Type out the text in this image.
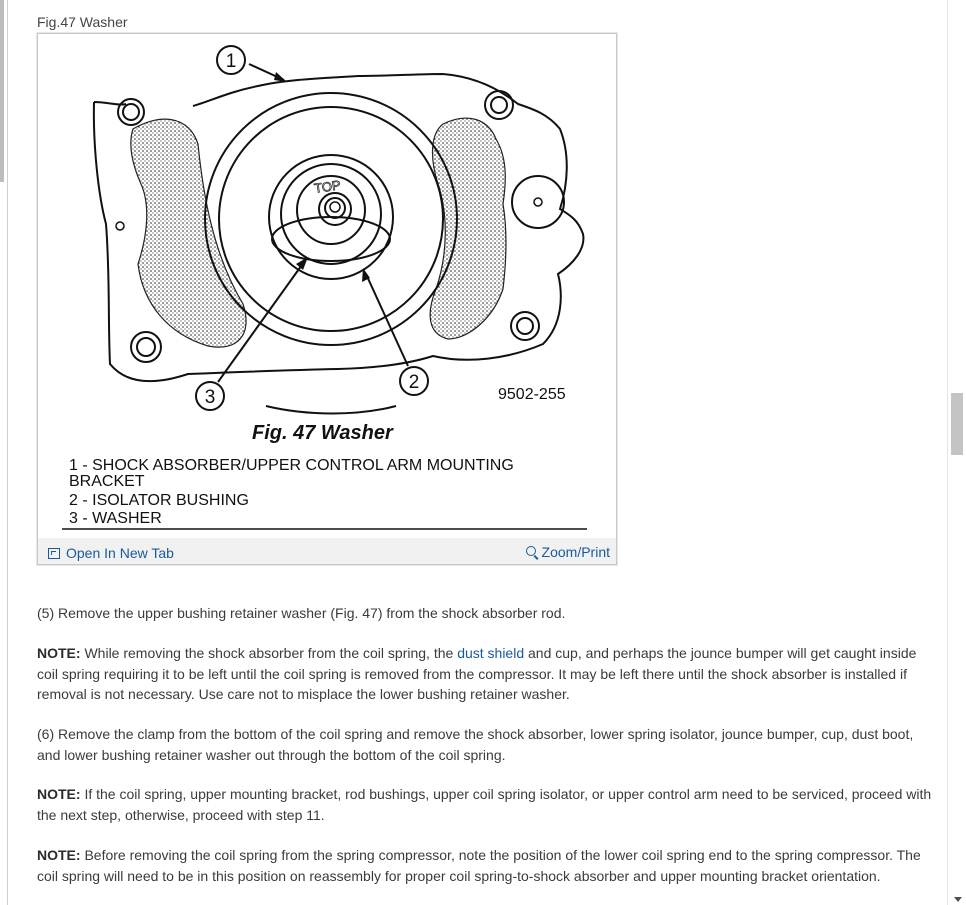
Fig.47 Washer
TOP
1
2
3	9502-255
Fig. 47 Washer
1 - SHOCK ABSORBER/UPPER CONTROL ARM MOUNTING
BRACKET
2 - ISOLATOR BUSHING
3 - WASHER
Open In New Tab	Zoom/Print
(5) Remove the upper bushing retainer washer (Fig. 47) from the shock absorber rod.
NOTE: While removing the shock absorber from the coil spring, the dust shield and cup, and perhaps the jounce bumper will get caught inside coil spring requiring it to be left until the coil spring is removed from the compressor. It may be left there until the shock absorber is installed if removal is not necessary. Use care not to misplace the lower bushing retainer washer.
(6) Remove the clamp from the bottom of the coil spring and remove the shock absorber, lower spring isolator, jounce bumper, cup, dust boot, and lower bushing retainer washer out through the bottom of the coil spring.
NOTE: If the coil spring, upper mounting bracket, rod bushings, upper coil spring isolator, or upper control arm need to be serviced, proceed with the next step, otherwise, proceed with step 11.
NOTE: Before removing the coil spring from the spring compressor, note the position of the lower coil spring end to the spring compressor. The coil spring will need to be in this position on reassembly for proper coil spring-to-shock absorber and upper mounting bracket orientation.
